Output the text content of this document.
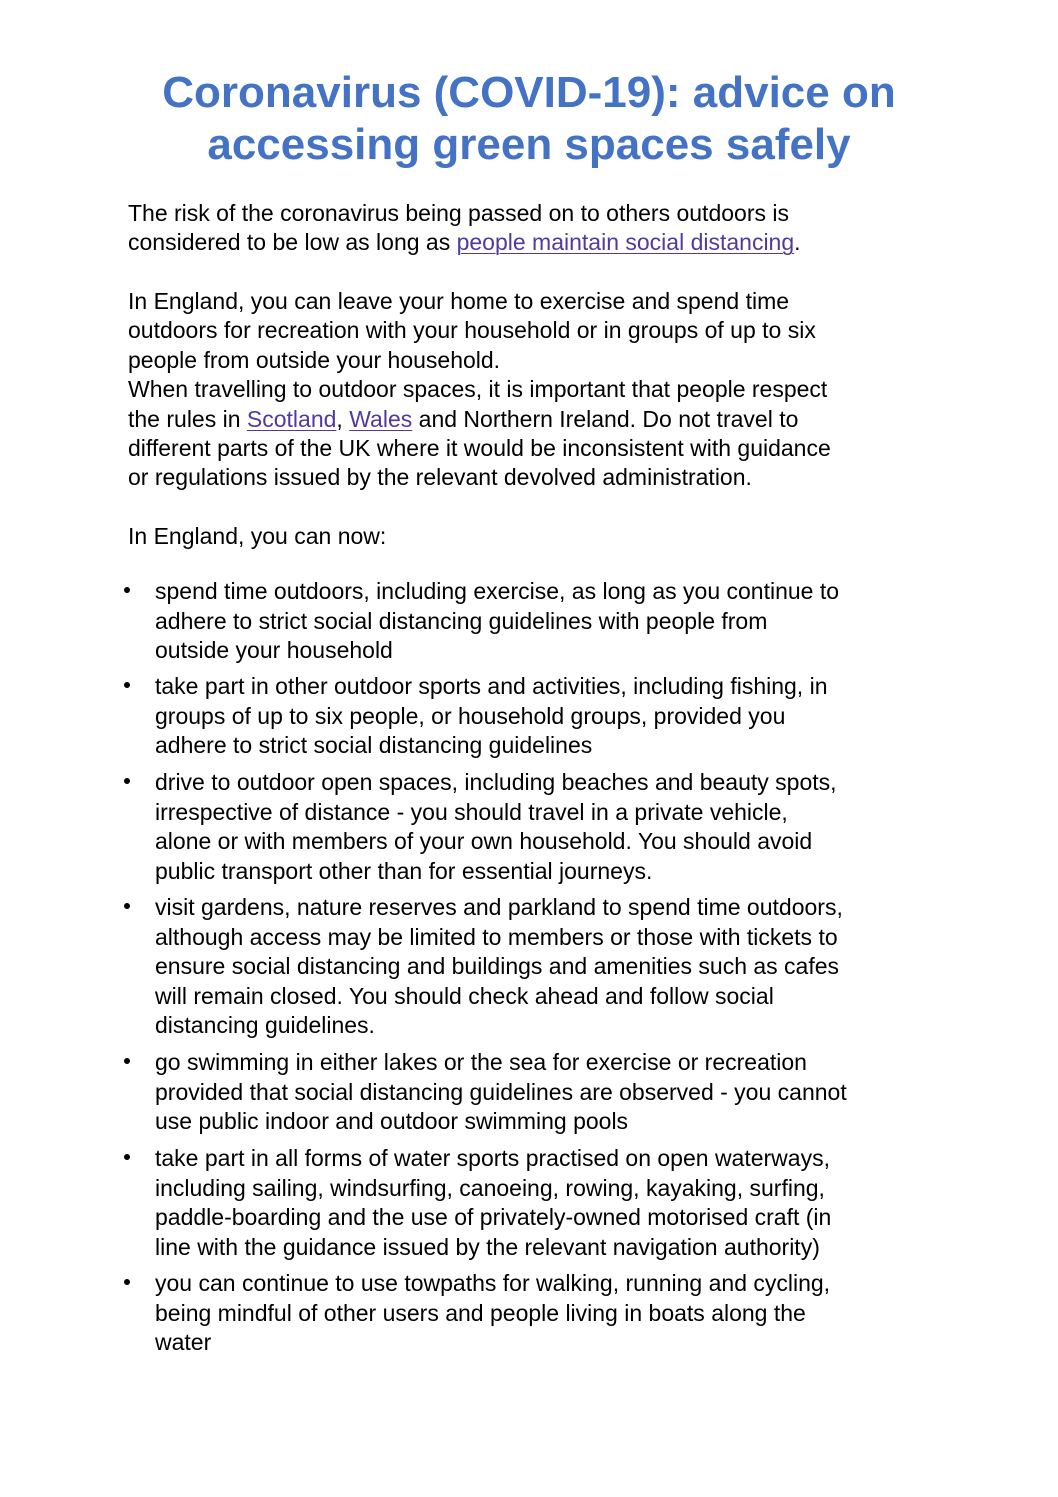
Coronavirus (COVID-19): advice on
accessing green spaces safely

The risk of the coronavirus being passed on to others outdoors is
considered to be low as long as people maintain social distancing.

In England, you can leave your home to exercise and spend time
outdoors for recreation with your household or in groups of up to six
people from outside your household.
When travelling to outdoor spaces, it is important that people respect
the rules in Scotland, Wales and Northern Ireland. Do not travel to
different parts of the UK where it would be inconsistent with guidance
or regulations issued by the relevant devolved administration.

In England, you can now:

spend time outdoors, including exercise, as long as you continue to
adhere to strict social distancing guidelines with people from
outside your household
take part in other outdoor sports and activities, including fishing, in
groups of up to six people, or household groups, provided you
adhere to strict social distancing guidelines
drive to outdoor open spaces, including beaches and beauty spots,
irrespective of distance - you should travel in a private vehicle,
alone or with members of your own household. You should avoid
public transport other than for essential journeys.
visit gardens, nature reserves and parkland to spend time outdoors,
although access may be limited to members or those with tickets to
ensure social distancing and buildings and amenities such as cafes
will remain closed. You should check ahead and follow social
distancing guidelines.
go swimming in either lakes or the sea for exercise or recreation
provided that social distancing guidelines are observed - you cannot
use public indoor and outdoor swimming pools
take part in all forms of water sports practised on open waterways,
including sailing, windsurfing, canoeing, rowing, kayaking, surfing,
paddle-boarding and the use of privately-owned motorised craft (in
line with the guidance issued by the relevant navigation authority)
you can continue to use towpaths for walking, running and cycling,
being mindful of other users and people living in boats along the
water
